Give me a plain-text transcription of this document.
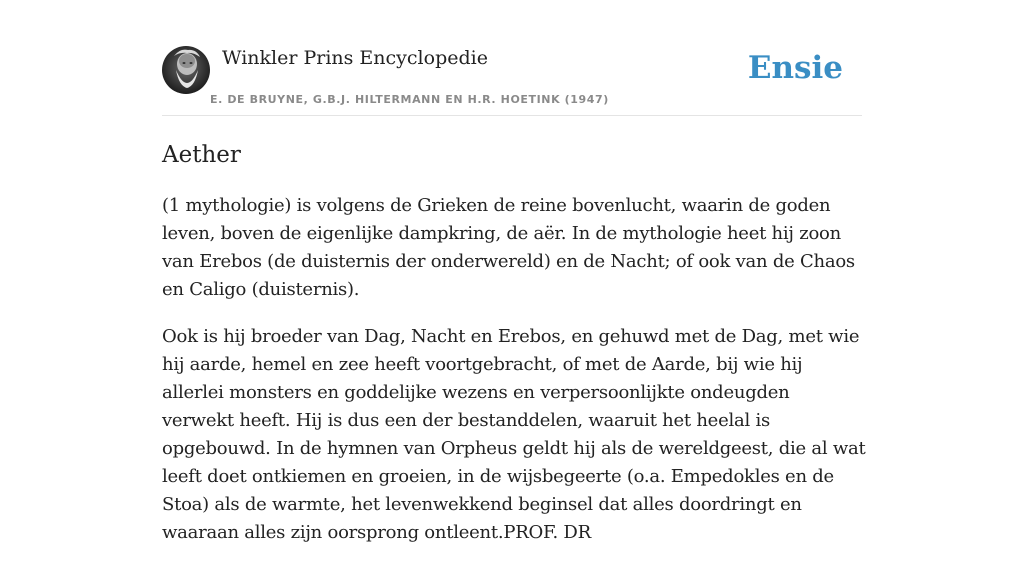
Winkler Prins Encyclopedie
E. DE BRUYNE, G.B.J. HILTERMANN EN H.R. HOETINK (1947)
Ensie
Aether

(1 mythologie) is volgens de Grieken de reine bovenlucht, waarin de goden leven, boven de eigenlijke dampkring, de aër. In de mythologie heet hij zoon van Erebos (de duisternis der onderwereld) en de Nacht; of ook van de Chaos en Caligo (duisternis).

Ook is hij broeder van Dag, Nacht en Erebos, en gehuwd met de Dag, met wie hij aarde, hemel en zee heeft voortgebracht, of met de Aarde, bij wie hij allerlei monsters en goddelijke wezens en verpersoonlijkte ondeugden verwekt heeft. Hij is dus een der bestanddelen, waaruit het heelal is opgebouwd. In de hymnen van Orpheus geldt hij als de wereldgeest, die al wat leeft doet ontkiemen en groeien, in de wijsbegeerte (o.a. Empedokles en de Stoa) als de warmte, het levenwekkend beginsel dat alles doordringt en waaraan alles zijn oorsprong ontleent.PROF. DR
